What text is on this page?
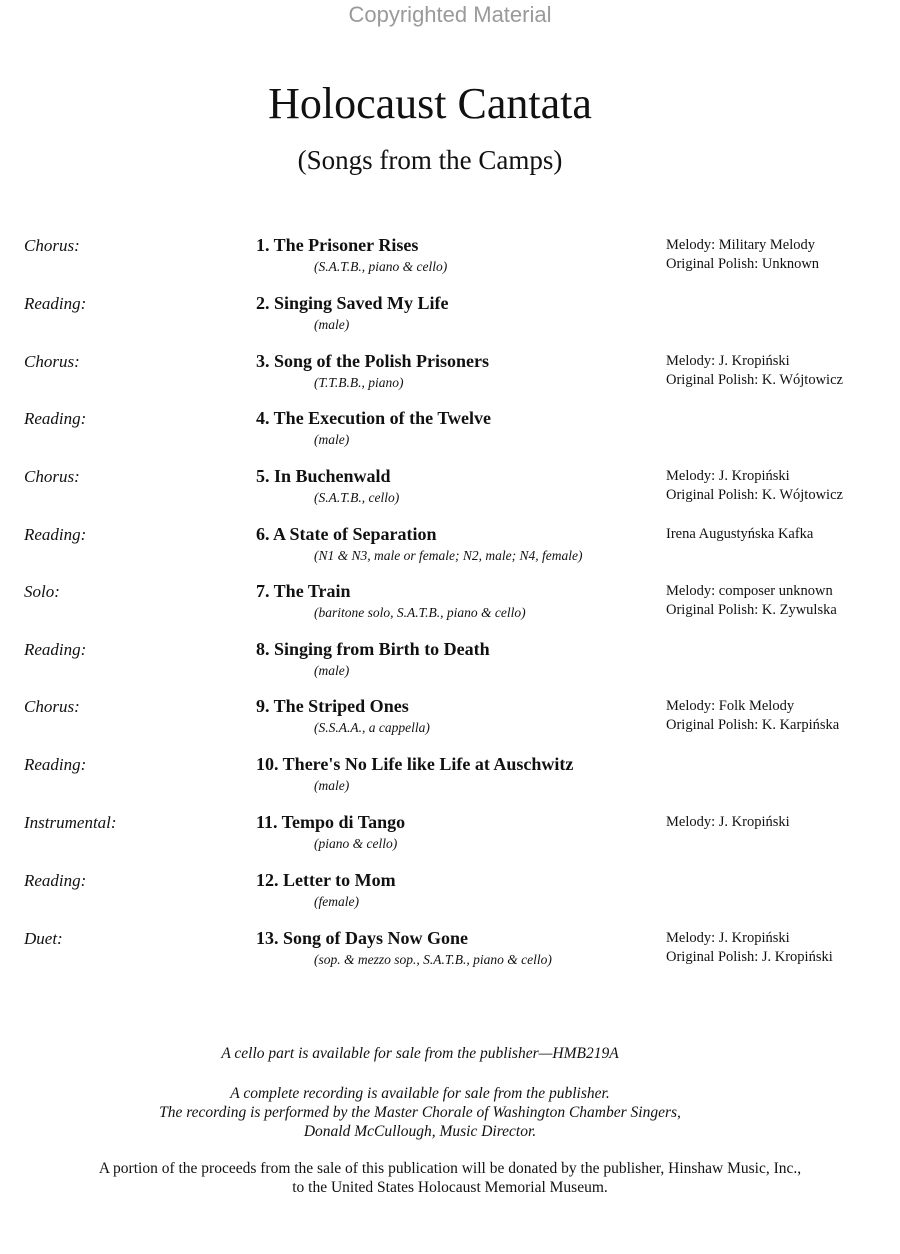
Copyrighted Material
Holocaust Cantata
(Songs from the Camps)
Chorus:	1. The Prisoner Rises
(S.A.T.B., piano & cello)
Melody: Military Melody
Original Polish: Unknown
Reading:	2. Singing Saved My Life
(male)
Chorus:	3. Song of the Polish Prisoners
(T.T.B.B., piano)
Melody: J. Kropiński
Original Polish: K. Wójtowicz
Reading:	4. The Execution of the Twelve
(male)
Chorus:	5. In Buchenwald
(S.A.T.B., cello)
Melody: J. Kropiński
Original Polish: K. Wójtowicz
Reading:	6. A State of Separation
(N1 & N3, male or female; N2, male; N4, female)
Irena Augustyńska Kafka
Solo:	7. The Train
(baritone solo, S.A.T.B., piano & cello)
Melody: composer unknown
Original Polish: K. Zywulska
Reading:	8. Singing from Birth to Death
(male)
Chorus:	9. The Striped Ones
(S.S.A.A., a cappella)
Melody: Folk Melody
Original Polish: K. Karpińska
Reading:	10. There's No Life like Life at Auschwitz
(male)
Instrumental:	11. Tempo di Tango
(piano & cello)
Melody: J. Kropiński
Reading:	12. Letter to Mom
(female)
Duet:	13. Song of Days Now Gone
(sop. & mezzo sop., S.A.T.B., piano & cello)
Melody: J. Kropiński
Original Polish: J. Kropiński
A cello part is available for sale from the publisher—HMB219A
A complete recording is available for sale from the publisher.
The recording is performed by the Master Chorale of Washington Chamber Singers,
Donald McCullough, Music Director.
A portion of the proceeds from the sale of this publication will be donated by the publisher, Hinshaw Music, Inc.,
to the United States Holocaust Memorial Museum.
